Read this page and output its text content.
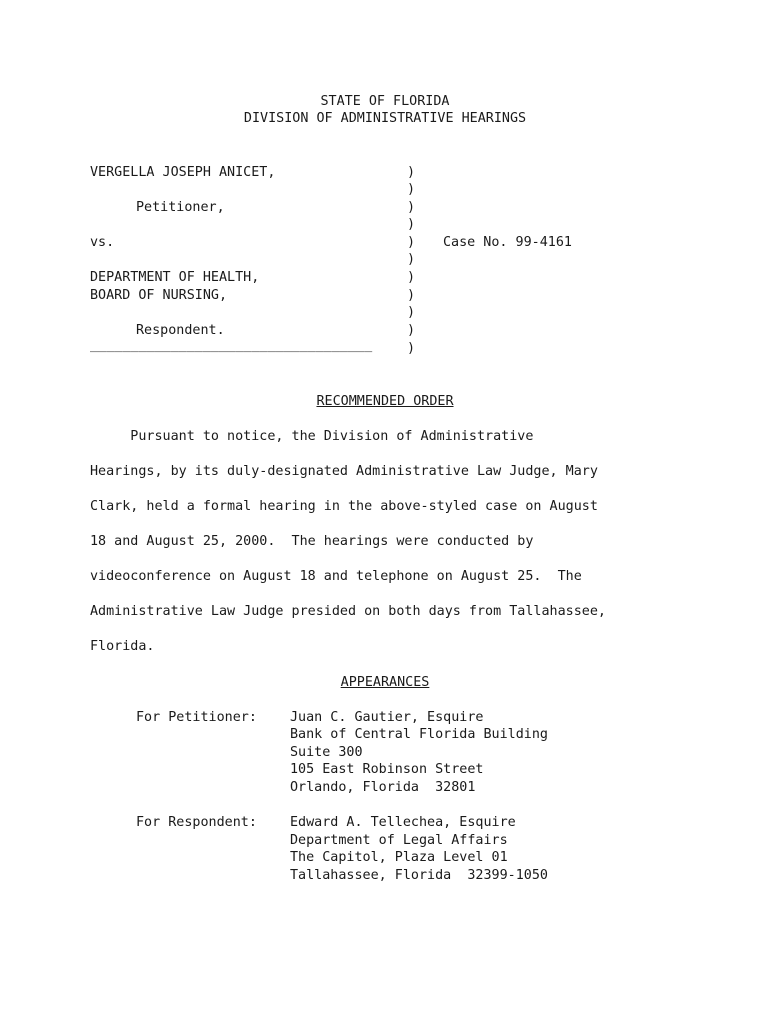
STATE OF FLORIDA
DIVISION OF ADMINISTRATIVE HEARINGS
VERGELLA JOSEPH ANICET,
Petitioner,
vs.
DEPARTMENT OF HEALTH,
BOARD OF NURSING,
Respondent.
___________________________________
)
)
)
)
)
)
)
)
)
)
)
Case No. 99-4161
RECOMMENDED ORDER
Pursuant to notice, the Division of Administrative
Hearings, by its duly-designated Administrative Law Judge, Mary
Clark, held a formal hearing in the above-styled case on August
18 and August 25, 2000.  The hearings were conducted by
videoconference on August 18 and telephone on August 25.  The
Administrative Law Judge presided on both days from Tallahassee,
Florida.
APPEARANCES
For Petitioner: Juan C. Gautier, Esquire
Bank of Central Florida Building
Suite 300
105 East Robinson Street
Orlando, Florida  32801
For Respondent: Edward A. Tellechea, Esquire
Department of Legal Affairs
The Capitol, Plaza Level 01
Tallahassee, Florida  32399-1050
